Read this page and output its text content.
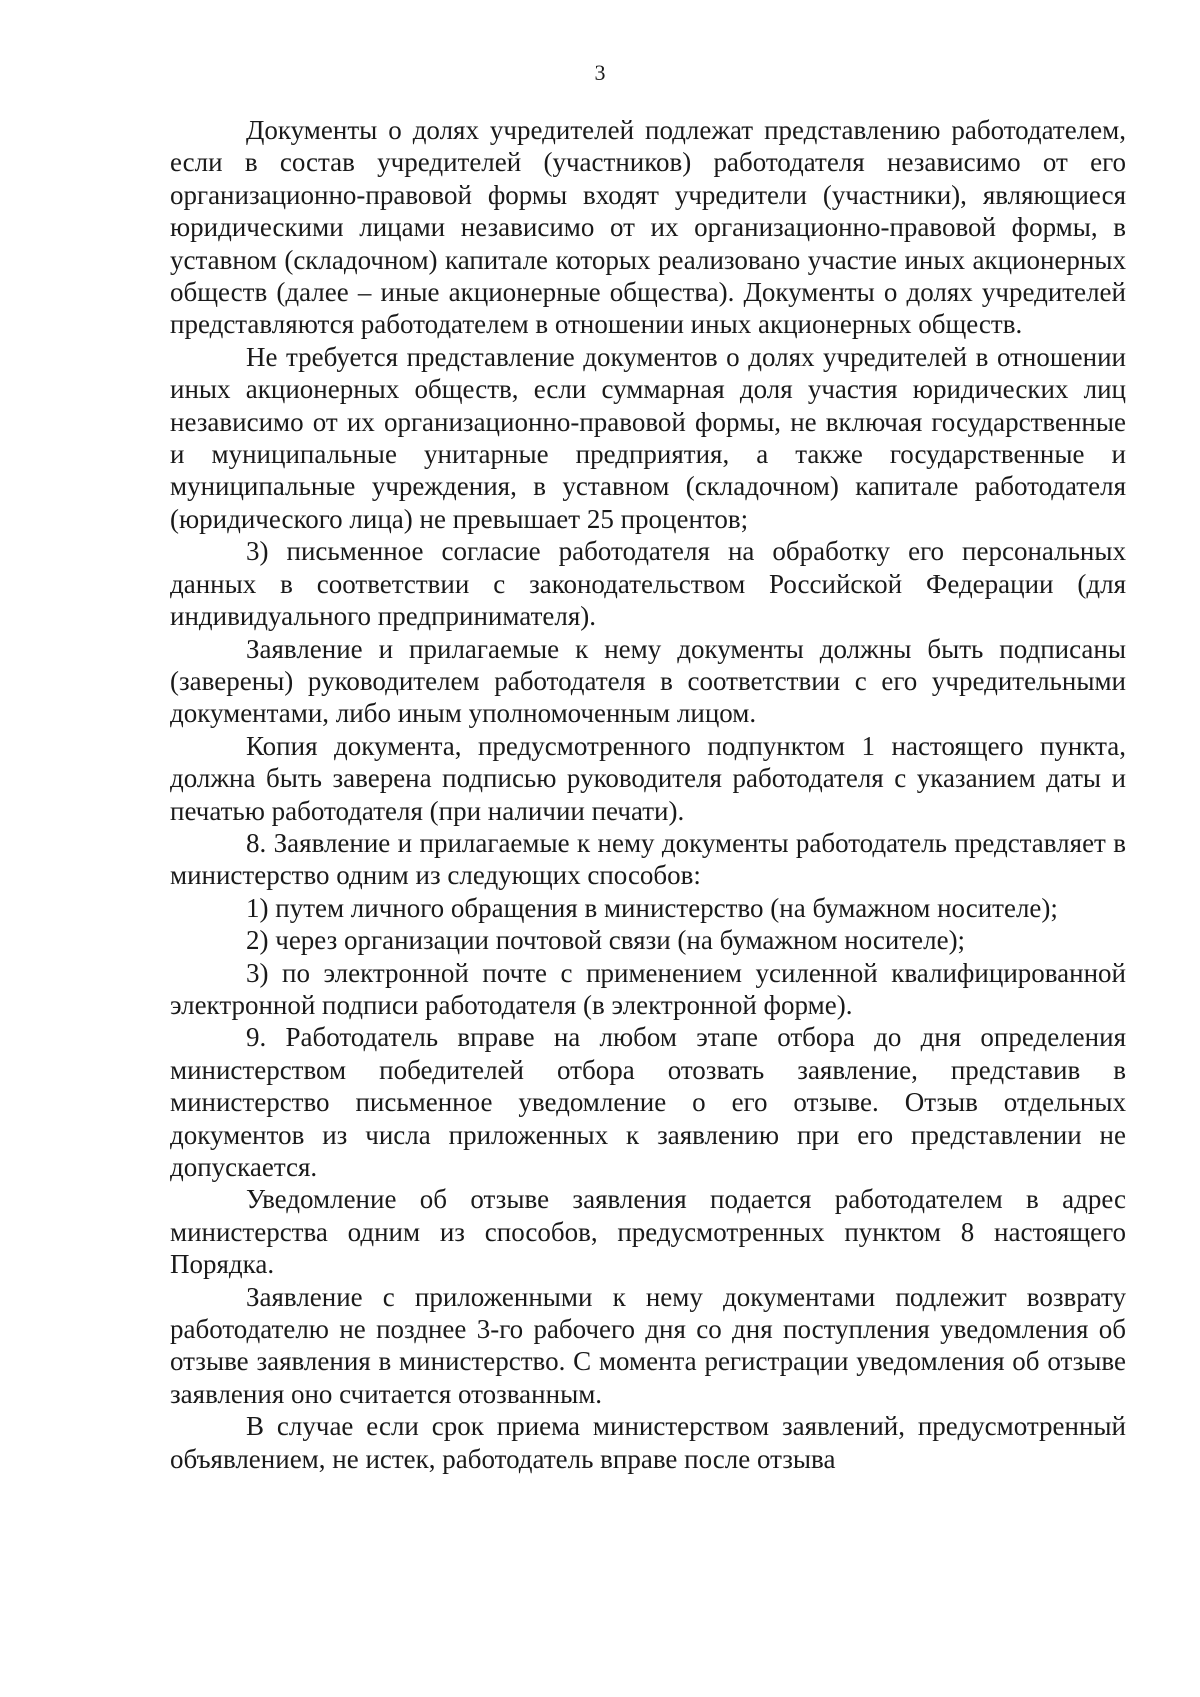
3

Документы о долях учредителей подлежат представлению работодателем, если в состав учредителей (участников) работодателя независимо от его организационно-правовой формы входят учредители (участники), являющиеся юридическими лицами независимо от их организационно-правовой формы, в уставном (складочном) капитале которых реализовано участие иных акционерных обществ (далее – иные акционерные общества). Документы о долях учредителей представляются работодателем в отношении иных акционерных обществ.

Не требуется представление документов о долях учредителей в отношении иных акционерных обществ, если суммарная доля участия юридических лиц независимо от их организационно-правовой формы, не включая государственные и муниципальные унитарные предприятия, а также государственные и муниципальные учреждения, в уставном (складочном) капитале работодателя (юридического лица) не превышает 25 процентов;

3) письменное согласие работодателя на обработку его персональных данных в соответствии с законодательством Российской Федерации (для индивидуального предпринимателя).

Заявление и прилагаемые к нему документы должны быть подписаны (заверены) руководителем работодателя в соответствии с его учредительными документами, либо иным уполномоченным лицом.

Копия документа, предусмотренного подпунктом 1 настоящего пункта, должна быть заверена подписью руководителя работодателя с указанием даты и печатью работодателя (при наличии печати).

8. Заявление и прилагаемые к нему документы работодатель представляет в министерство одним из следующих способов:

1) путем личного обращения в министерство (на бумажном носителе);

2) через организации почтовой связи (на бумажном носителе);

3) по электронной почте с применением усиленной квалифицированной электронной подписи работодателя (в электронной форме).

9. Работодатель вправе на любом этапе отбора до дня определения министерством победителей отбора отозвать заявление, представив в министерство письменное уведомление о его отзыве. Отзыв отдельных документов из числа приложенных к заявлению при его представлении не допускается.

Уведомление об отзыве заявления подается работодателем в адрес министерства одним из способов, предусмотренных пунктом 8 настоящего Порядка.

Заявление с приложенными к нему документами подлежит возврату работодателю не позднее 3-го рабочего дня со дня поступления уведомления об отзыве заявления в министерство. С момента регистрации уведомления об отзыве заявления оно считается отозванным.

В случае если срок приема министерством заявлений, предусмотренный объявлением, не истек, работодатель вправе после отзыва
